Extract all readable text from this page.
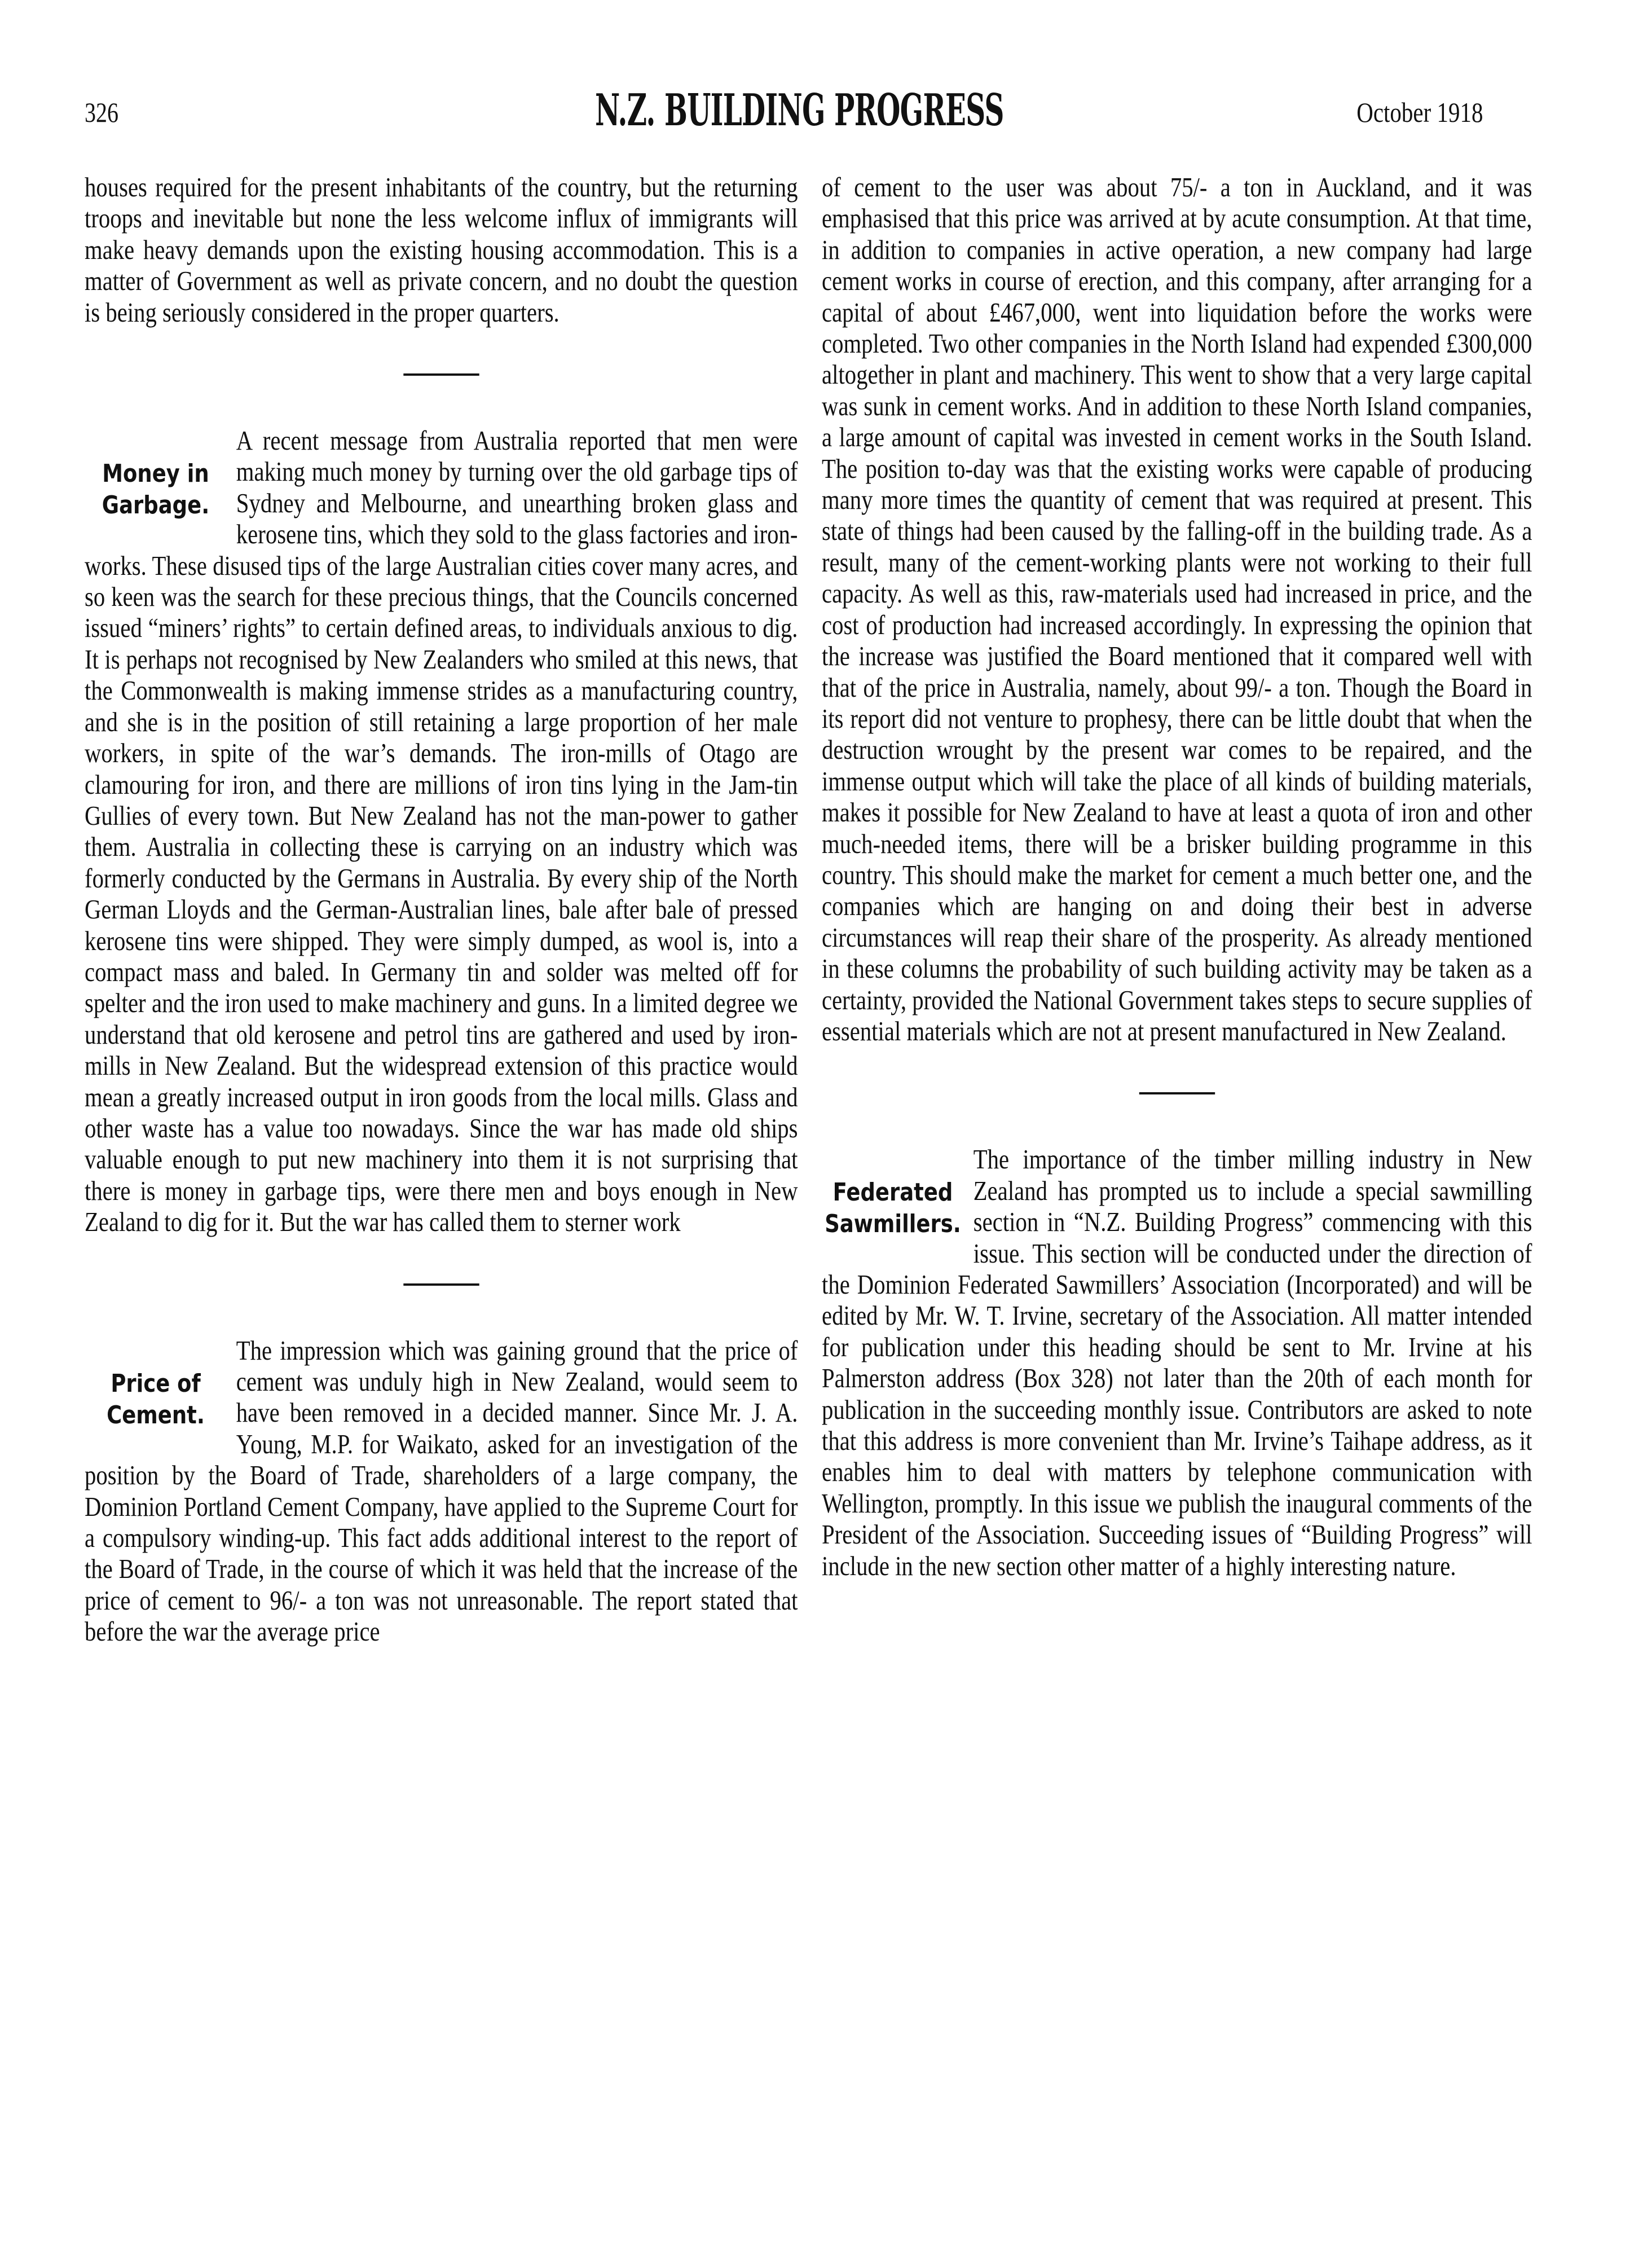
326	N.Z. BUILDING PROGRESS	October 1918

houses required for the present inhabitants of the country, but the returning troops and inevitable but none the less welcome influx of immigrants will make heavy demands upon the existing housing accommodation. This is a matter of Government as well as private concern, and no doubt the question is being seriously considered in the proper quarters.

Money in
Garbage.

A recent message from Australia reported that men were making much money by turning over the old garbage tips of Sydney and Melbourne, and unearthing broken glass and kerosene tins, which they sold to the glass factories and iron-works. These disused tips of the large Australian cities cover many acres, and so keen was the search for these precious things, that the Councils concerned issued “miners’ rights” to certain defined areas, to individuals anxious to dig. It is perhaps not recognised by New Zealanders who smiled at this news, that the Commonwealth is making immense strides as a manufacturing country, and she is in the position of still retaining a large proportion of her male workers, in spite of the war’s demands. The iron-mills of Otago are clamouring for iron, and there are millions of iron tins lying in the Jam-tin Gullies of every town. But New Zealand has not the man-power to gather them. Australia in collecting these is carrying on an industry which was formerly conducted by the Germans in Australia. By every ship of the North German Lloyds and the German-Australian lines, bale after bale of pressed kerosene tins were shipped. They were simply dumped, as wool is, into a compact mass and baled. In Germany tin and solder was melted off for spelter and the iron used to make machinery and guns. In a limited degree we understand that old kerosene and petrol tins are gathered and used by iron-mills in New Zealand. But the widespread extension of this practice would mean a greatly increased output in iron goods from the local mills. Glass and other waste has a value too nowadays. Since the war has made old ships valuable enough to put new machinery into them it is not surprising that there is money in garbage tips, were there men and boys enough in New Zealand to dig for it. But the war has called them to sterner work

Price of
Cement.

The impression which was gaining ground that the price of cement was unduly high in New Zealand, would seem to have been removed in a decided manner. Since Mr. J. A. Young, M.P. for Waikato, asked for an investigation of the position by the Board of Trade, shareholders of a large company, the Dominion Portland Cement Company, have applied to the Supreme Court for a compulsory winding-up. This fact adds additional interest to the report of the Board of Trade, in the course of which it was held that the increase of the price of cement to 96/- a ton was not unreasonable. The report stated that before the war the average price

of cement to the user was about 75/- a ton in Auckland, and it was emphasised that this price was arrived at by acute consumption. At that time, in addition to companies in active operation, a new company had large cement works in course of erection, and this company, after arranging for a capital of about £467,000, went into liquidation before the works were completed. Two other companies in the North Island had expended £300,000 altogether in plant and machinery. This went to show that a very large capital was sunk in cement works. And in addition to these North Island companies, a large amount of capital was invested in cement works in the South Island. The position to-day was that the existing works were capable of producing many more times the quantity of cement that was required at present. This state of things had been caused by the falling-off in the building trade. As a result, many of the cement-working plants were not working to their full capacity. As well as this, raw-materials used had increased in price, and the cost of production had increased accordingly. In expressing the opinion that the increase was justified the Board mentioned that it compared well with that of the price in Australia, namely, about 99/- a ton. Though the Board in its report did not venture to prophesy, there can be little doubt that when the destruction wrought by the present war comes to be repaired, and the immense output which will take the place of all kinds of building materials, makes it possible for New Zealand to have at least a quota of iron and other much-needed items, there will be a brisker building programme in this country. This should make the market for cement a much better one, and the companies which are hanging on and doing their best in adverse circumstances will reap their share of the prosperity. As already mentioned in these columns the probability of such building activity may be taken as a certainty, provided the National Government takes steps to secure supplies of essential materials which are not at present manufactured in New Zealand.

Federated
Sawmillers.

The importance of the timber milling industry in New Zealand has prompted us to include a special sawmilling section in “N.Z. Building Progress” commencing with this issue. This section will be conducted under the direction of the Dominion Federated Sawmillers’ Association (Incorporated) and will be edited by Mr. W. T. Irvine, secretary of the Association. All matter intended for publication under this heading should be sent to Mr. Irvine at his Palmerston address (Box 328) not later than the 20th of each month for publication in the succeeding monthly issue. Contributors are asked to note that this address is more convenient than Mr. Irvine’s Taihape address, as it enables him to deal with matters by telephone communication with Wellington, promptly. In this issue we publish the inaugural comments of the President of the Association. Succeeding issues of “Building Progress” will include in the new section other matter of a highly interesting nature.
